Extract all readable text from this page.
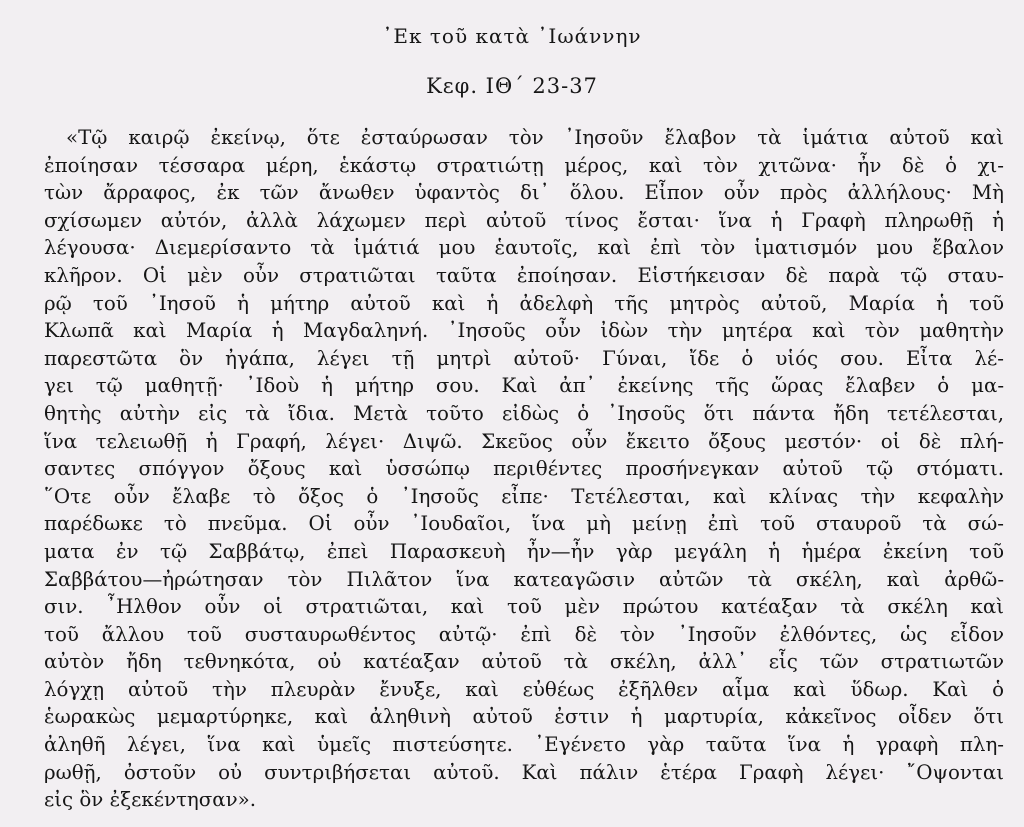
᾿Εκ τοῦ κατὰ ᾿Ιωάννην
Κεφ. ΙΘ΄ 23-37
«Τῷ καιρῷ ἐκείνῳ, ὅτε ἐσταύρωσαν τὸν ᾿Ιησοῦν ἔλαβον τὰ ἱμάτια αὐτοῦ καὶ
ἐποίησαν τέσσαρα μέρη, ἑκάστῳ στρατιώτῃ μέρος, καὶ τὸν χιτῶνα· ἦν δὲ ὁ χι-
τὼν ἄρραφος, ἐκ τῶν ἄνωθεν ὑφαντὸς δι᾿ ὅλου. Εἶπον οὖν πρὸς ἀλλήλους· Μὴ
σχίσωμεν αὐτόν, ἀλλὰ λάχωμεν περὶ αὐτοῦ τίνος ἔσται· ἵνα ἡ Γραφὴ πληρωθῇ ἡ
λέγουσα· Διεμερίσαντο τὰ ἱμάτιά μου ἑαυτοῖς, καὶ ἐπὶ τὸν ἱματισμόν μου ἔβαλον
κλῆρον. Οἱ μὲν οὖν στρατιῶται ταῦτα ἐποίησαν. Εἱστήκεισαν δὲ παρὰ τῷ σταυ-
ρῷ τοῦ ᾿Ιησοῦ ἡ μήτηρ αὐτοῦ καὶ ἡ ἀδελφὴ τῆς μητρὸς αὐτοῦ, Μαρία ἡ τοῦ
Κλωπᾶ καὶ Μαρία ἡ Μαγδαληνή. ᾿Ιησοῦς οὖν ἰδὼν τὴν μητέρα καὶ τὸν μαθητὴν
παρεστῶτα ὃν ἠγάπα, λέγει τῇ μητρὶ αὐτοῦ· Γύναι, ἴδε ὁ υἱός σου. Εἶτα λέ-
γει τῷ μαθητῇ· ᾿Ιδοὺ ἡ μήτηρ σου. Καὶ ἀπ᾿ ἐκείνης τῆς ὥρας ἔλαβεν ὁ μα-
θητὴς αὐτὴν εἰς τὰ ἴδια. Μετὰ τοῦτο εἰδὼς ὁ ᾿Ιησοῦς ὅτι πάντα ἤδη τετέλεσται,
ἵνα τελειωθῇ ἡ Γραφή, λέγει· Διψῶ. Σκεῦος οὖν ἔκειτο ὄξους μεστόν· οἱ δὲ πλή-
σαντες σπόγγον ὄξους καὶ ὑσσώπῳ περιθέντες προσήνεγκαν αὐτοῦ τῷ στόματι.
῞Οτε οὖν ἔλαβε τὸ ὄξος ὁ ᾿Ιησοῦς εἶπε· Τετέλεσται, καὶ κλίνας τὴν κεφαλὴν
παρέδωκε τὸ πνεῦμα. Οἱ οὖν ᾿Ιουδαῖοι, ἵνα μὴ μείνῃ ἐπὶ τοῦ σταυροῦ τὰ σώ-
ματα ἐν τῷ Σαββάτῳ, ἐπεὶ Παρασκευὴ ἦν—ἦν γὰρ μεγάλη ἡ ἡμέρα ἐκείνη τοῦ
Σαββάτου—ἠρώτησαν τὸν Πιλᾶτον ἵνα κατεαγῶσιν αὐτῶν τὰ σκέλη, καὶ ἀρθῶ-
σιν. ῏Ηλθον οὖν οἱ στρατιῶται, καὶ τοῦ μὲν πρώτου κατέαξαν τὰ σκέλη καὶ
τοῦ ἄλλου τοῦ συσταυρωθέντος αὐτῷ· ἐπὶ δὲ τὸν ᾿Ιησοῦν ἐλθόντες, ὡς εἶδον
αὐτὸν ἤδη τεθνηκότα, οὐ κατέαξαν αὐτοῦ τὰ σκέλη, ἀλλ᾿ εἷς τῶν στρατιωτῶν
λόγχῃ αὐτοῦ τὴν πλευρὰν ἔνυξε, καὶ εὐθέως ἐξῆλθεν αἷμα καὶ ὕδωρ. Καὶ ὁ
ἑωρακὼς μεμαρτύρηκε, καὶ ἀληθινὴ αὐτοῦ ἐστιν ἡ μαρτυρία, κἀκεῖνος οἶδεν ὅτι
ἀληθῆ λέγει, ἵνα καὶ ὑμεῖς πιστεύσητε. ᾿Εγένετο γὰρ ταῦτα ἵνα ἡ γραφὴ πλη-
ρωθῇ, ὀστοῦν οὐ συντριβήσεται αὐτοῦ. Καὶ πάλιν ἑτέρα Γραφὴ λέγει· ῎Οψονται
εἰς ὃν ἐξεκέντησαν».
